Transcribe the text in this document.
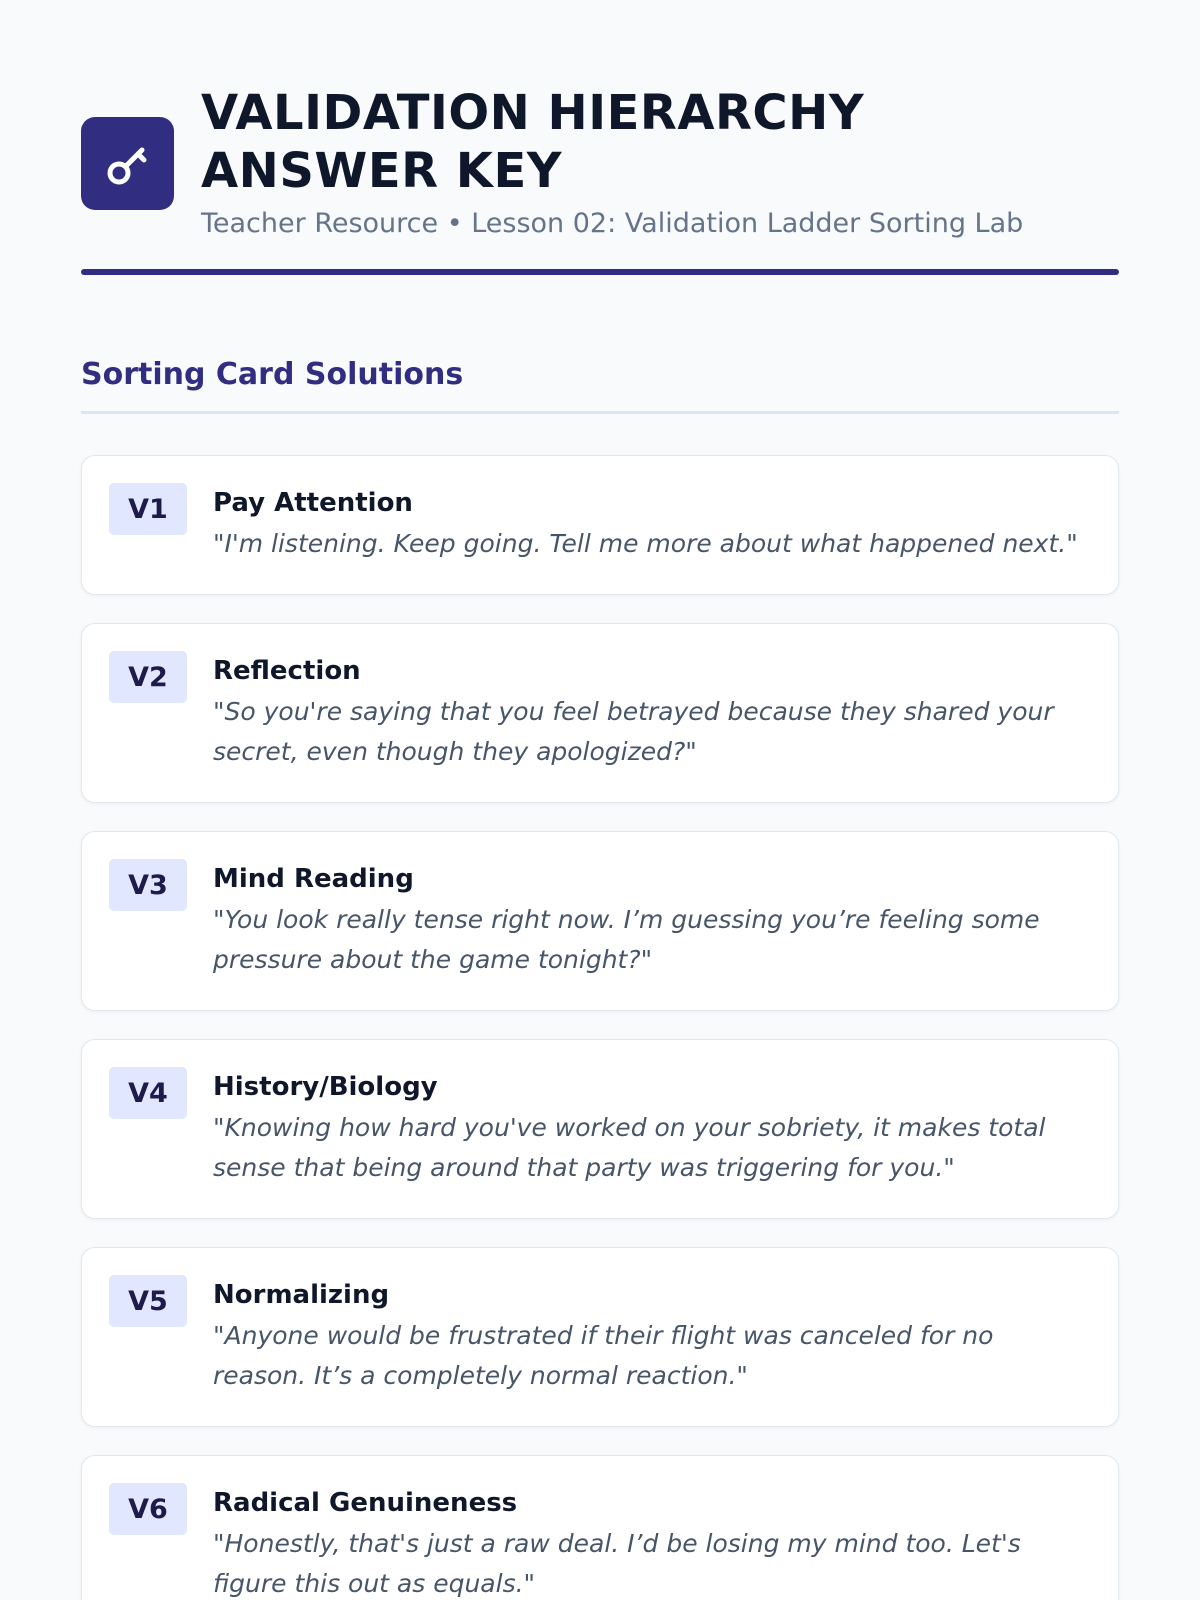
VALIDATION HIERARCHY ANSWER KEY
Teacher Resource • Lesson 02: Validation Ladder Sorting Lab
Sorting Card Solutions
V1	Pay Attention
"I'm listening. Keep going. Tell me more about what happened next."
V2	Reflection
"So you're saying that you feel betrayed because they shared your secret, even though they apologized?"
V3	Mind Reading
"You look really tense right now. I’m guessing you’re feeling some pressure about the game tonight?"
V4	History/Biology
"Knowing how hard you've worked on your sobriety, it makes total sense that being around that party was triggering for you."
V5	Normalizing
"Anyone would be frustrated if their flight was canceled for no reason. It’s a completely normal reaction."
V6	Radical Genuineness
"Honestly, that's just a raw deal. I’d be losing my mind too. Let's figure this out as equals."
